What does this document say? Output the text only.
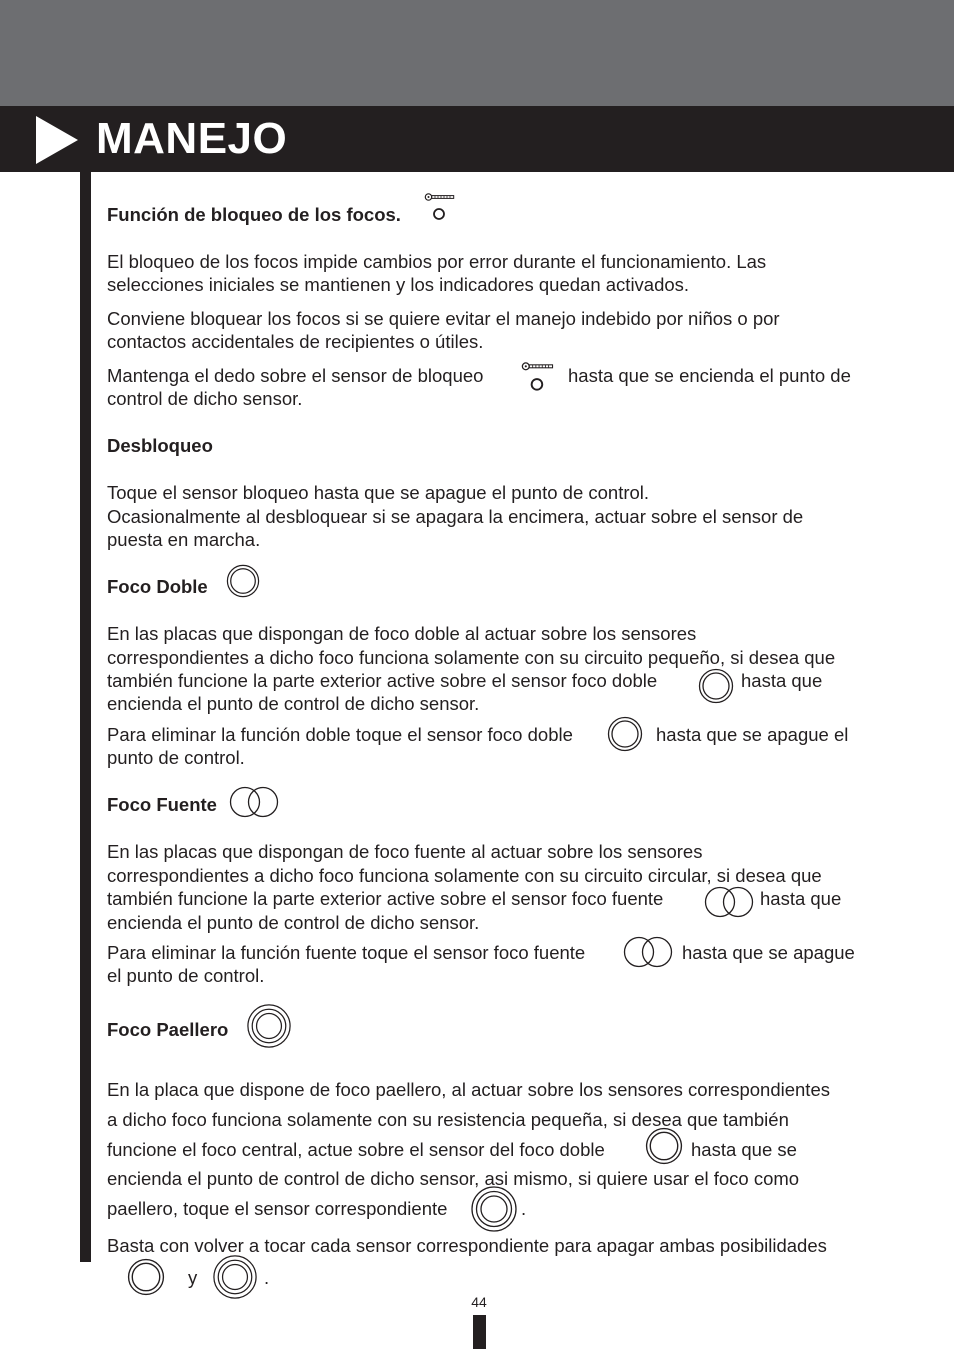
MANEJO
Función de bloqueo de los focos.
El bloqueo de los focos impide cambios por error durante el funcionamiento. Las
selecciones iniciales se mantienen y los indicadores quedan activados.
Conviene bloquear los focos si se quiere evitar el manejo indebido por niños o por
contactos accidentales de recipientes o útiles.
Mantenga el dedo sobre el sensor de bloqueo	hasta que se encienda el punto de
control de dicho sensor.
Desbloqueo
Toque el sensor bloqueo hasta que se apague el punto de control.
Ocasionalmente al desbloquear si se apagara la encimera, actuar sobre el sensor de
puesta en marcha.
Foco Doble
En las placas que dispongan de foco doble al actuar sobre los sensores
correspondientes a dicho foco funciona solamente con su circuito pequeño, si desea que
también funcione la parte exterior active sobre el sensor foco doble	hasta que
encienda el punto de control de dicho sensor.
Para eliminar la función doble toque el sensor foco doble	hasta que se apague el
punto de control.
Foco Fuente
En las placas que dispongan de foco fuente al actuar sobre los sensores
correspondientes a dicho foco funciona solamente con su circuito circular, si desea que
también funcione la parte exterior active sobre el sensor foco fuente	hasta que
encienda el punto de control de dicho sensor.
Para eliminar la función fuente toque el sensor foco fuente	hasta que se apague
el punto de control.
Foco Paellero
En la placa que dispone de foco paellero, al actuar sobre los sensores correspondientes
a dicho foco funciona solamente con su resistencia pequeña, si desea que también
funcione el foco central, actue sobre el sensor del foco doble	hasta que se
encienda el punto de control de dicho sensor, asi mismo, si quiere usar el foco como
paellero, toque el sensor correspondiente	.
Basta con volver a tocar cada sensor correspondiente para apagar ambas posibilidades
y	.
44
